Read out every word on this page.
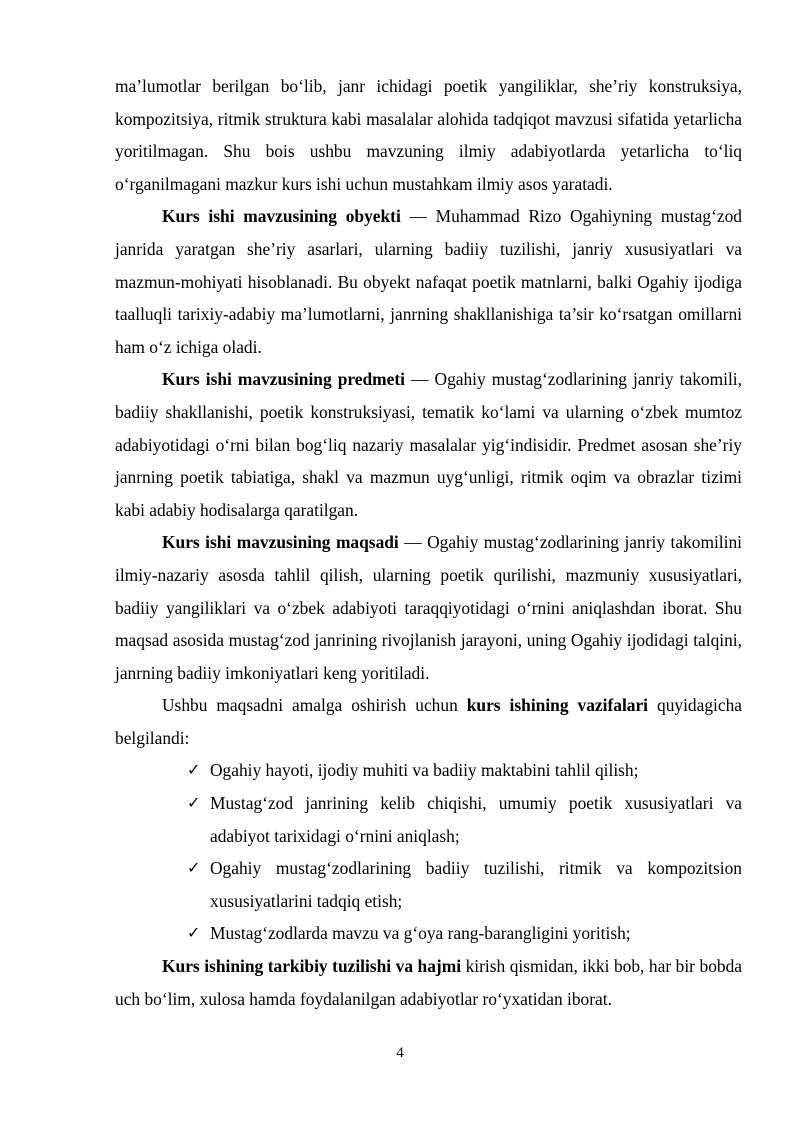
ma’lumotlar berilgan bo‘lib, janr ichidagi poetik yangiliklar, she’riy konstruksiya, kompozitsiya, ritmik struktura kabi masalalar alohida tadqiqot mavzusi sifatida yetarlicha yoritilmagan. Shu bois ushbu mavzuning ilmiy adabiyotlarda yetarlicha to‘liq o‘rganilmagani mazkur kurs ishi uchun mustahkam ilmiy asos yaratadi.

Kurs ishi mavzusining obyekti — Muhammad Rizo Ogahiyning mustag‘zod janrida yaratgan she’riy asarlari, ularning badiiy tuzilishi, janriy xususiyatlari va mazmun-mohiyati hisoblanadi. Bu obyekt nafaqat poetik matnlarni, balki Ogahiy ijodiga taalluqli tarixiy-adabiy ma’lumotlarni, janrning shakllanishiga ta’sir ko‘rsatgan omillarni ham o‘z ichiga oladi.

Kurs ishi mavzusining predmeti — Ogahiy mustag‘zodlarining janriy takomili, badiiy shakllanishi, poetik konstruksiyasi, tematik ko‘lami va ularning o‘zbek mumtoz adabiyotidagi o‘rni bilan bog‘liq nazariy masalalar yig‘indisidir. Predmet asosan she’riy janrning poetik tabiatiga, shakl va mazmun uyg‘unligi, ritmik oqim va obrazlar tizimi kabi adabiy hodisalarga qaratilgan.

Kurs ishi mavzusining maqsadi — Ogahiy mustag‘zodlarining janriy takomilini ilmiy-nazariy asosda tahlil qilish, ularning poetik qurilishi, mazmuniy xususiyatlari, badiiy yangiliklari va o‘zbek adabiyoti taraqqiyotidagi o‘rnini aniqlashdan iborat. Shu maqsad asosida mustag‘zod janrining rivojlanish jarayoni, uning Ogahiy ijodidagi talqini, janrning badiiy imkoniyatlari keng yoritiladi.

Ushbu maqsadni amalga oshirish uchun kurs ishining vazifalari quyidagicha belgilandi:

✓ Ogahiy hayoti, ijodiy muhiti va badiiy maktabini tahlil qilish;
✓ Mustag‘zod janrining kelib chiqishi, umumiy poetik xususiyatlari va adabiyot tarixidagi o‘rnini aniqlash;
✓ Ogahiy mustag‘zodlarining badiiy tuzilishi, ritmik va kompozitsion xususiyatlarini tadqiq etish;
✓ Mustag‘zodlarda mavzu va g‘oya rang-barangligini yoritish;

Kurs ishining tarkibiy tuzilishi va hajmi kirish qismidan, ikki bob, har bir bobda uch bo‘lim, xulosa hamda foydalanilgan adabiyotlar ro‘yxatidan iborat.

4
